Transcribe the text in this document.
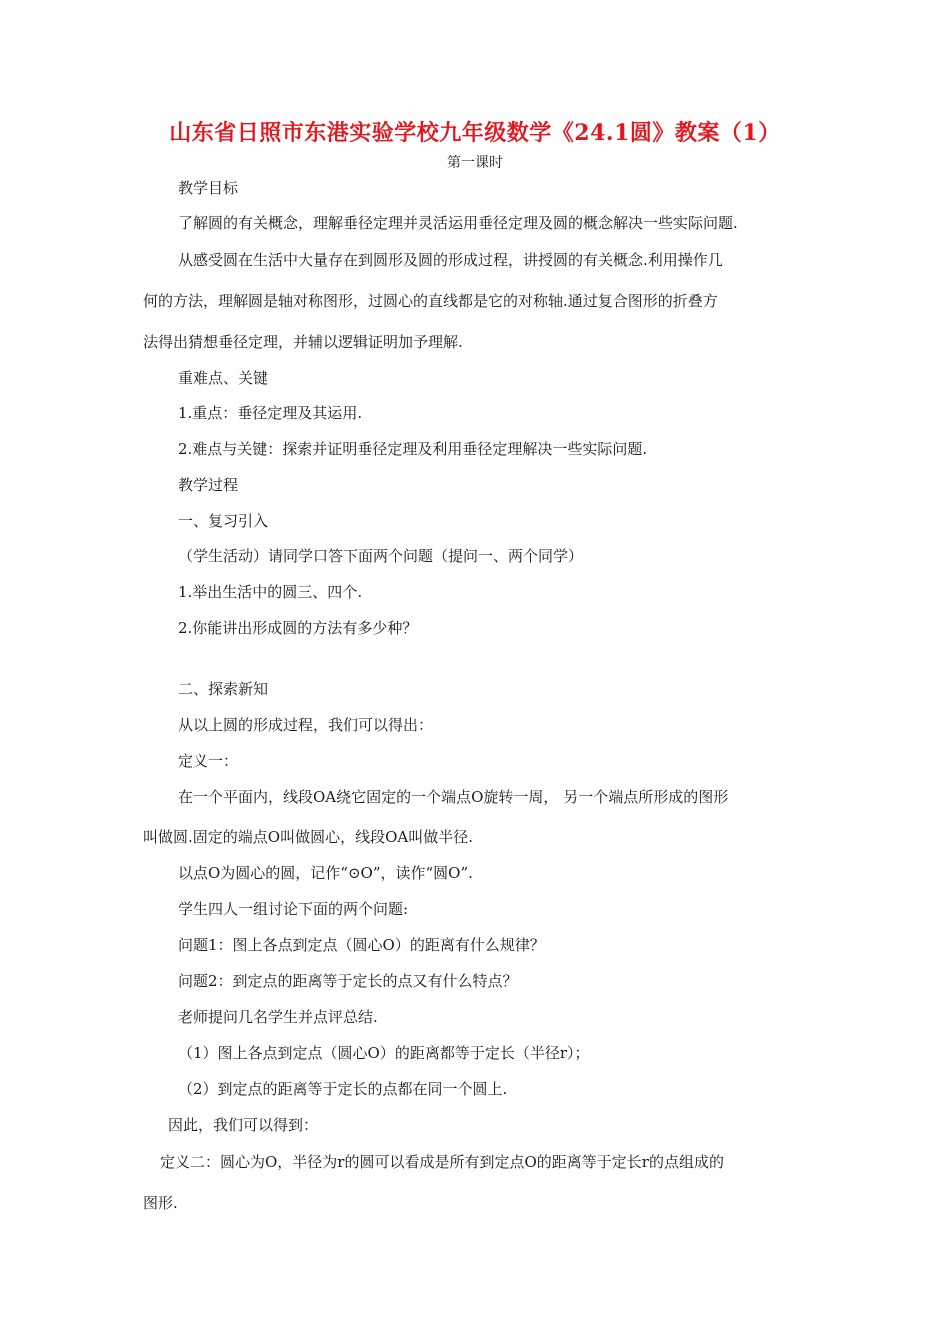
山东省日照市东港实验学校九年级数学《24.1圆》教案（1）
第一课时
教学目标
了解圆的有关概念，理解垂径定理并灵活运用垂径定理及圆的概念解决一些实际问题.
从感受圆在生活中大量存在到圆形及圆的形成过程，讲授圆的有关概念.利用操作几
何的方法，理解圆是轴对称图形，过圆心的直线都是它的对称轴.通过复合图形的折叠方
法得出猜想垂径定理，并辅以逻辑证明加予理解.
重难点、关键
1.重点：垂径定理及其运用.
2.难点与关键：探索并证明垂径定理及利用垂径定理解决一些实际问题.
教学过程
一、复习引入
（学生活动）请同学口答下面两个问题（提问一、两个同学）
1.举出生活中的圆三、四个.
2.你能讲出形成圆的方法有多少种？
二、探索新知
从以上圆的形成过程，我们可以得出：
定义一：
在一个平面内，线段OA绕它固定的一个端点O旋转一周， 另一个端点所形成的图形
叫做圆.固定的端点O叫做圆心，线段OA叫做半径.
以点O为圆心的圆，记作“⊙O”，读作“圆O”.
学生四人一组讨论下面的两个问题:
问题1：图上各点到定点（圆心O）的距离有什么规律？
问题2：到定点的距离等于定长的点又有什么特点？
老师提问几名学生并点评总结.
（1）图上各点到定点（圆心O）的距离都等于定长（半径r）；
（2）到定点的距离等于定长的点都在同一个圆上.
因此，我们可以得到：
定义二：圆心为O，半径为r的圆可以看成是所有到定点O的距离等于定长r的点组成的
图形.
